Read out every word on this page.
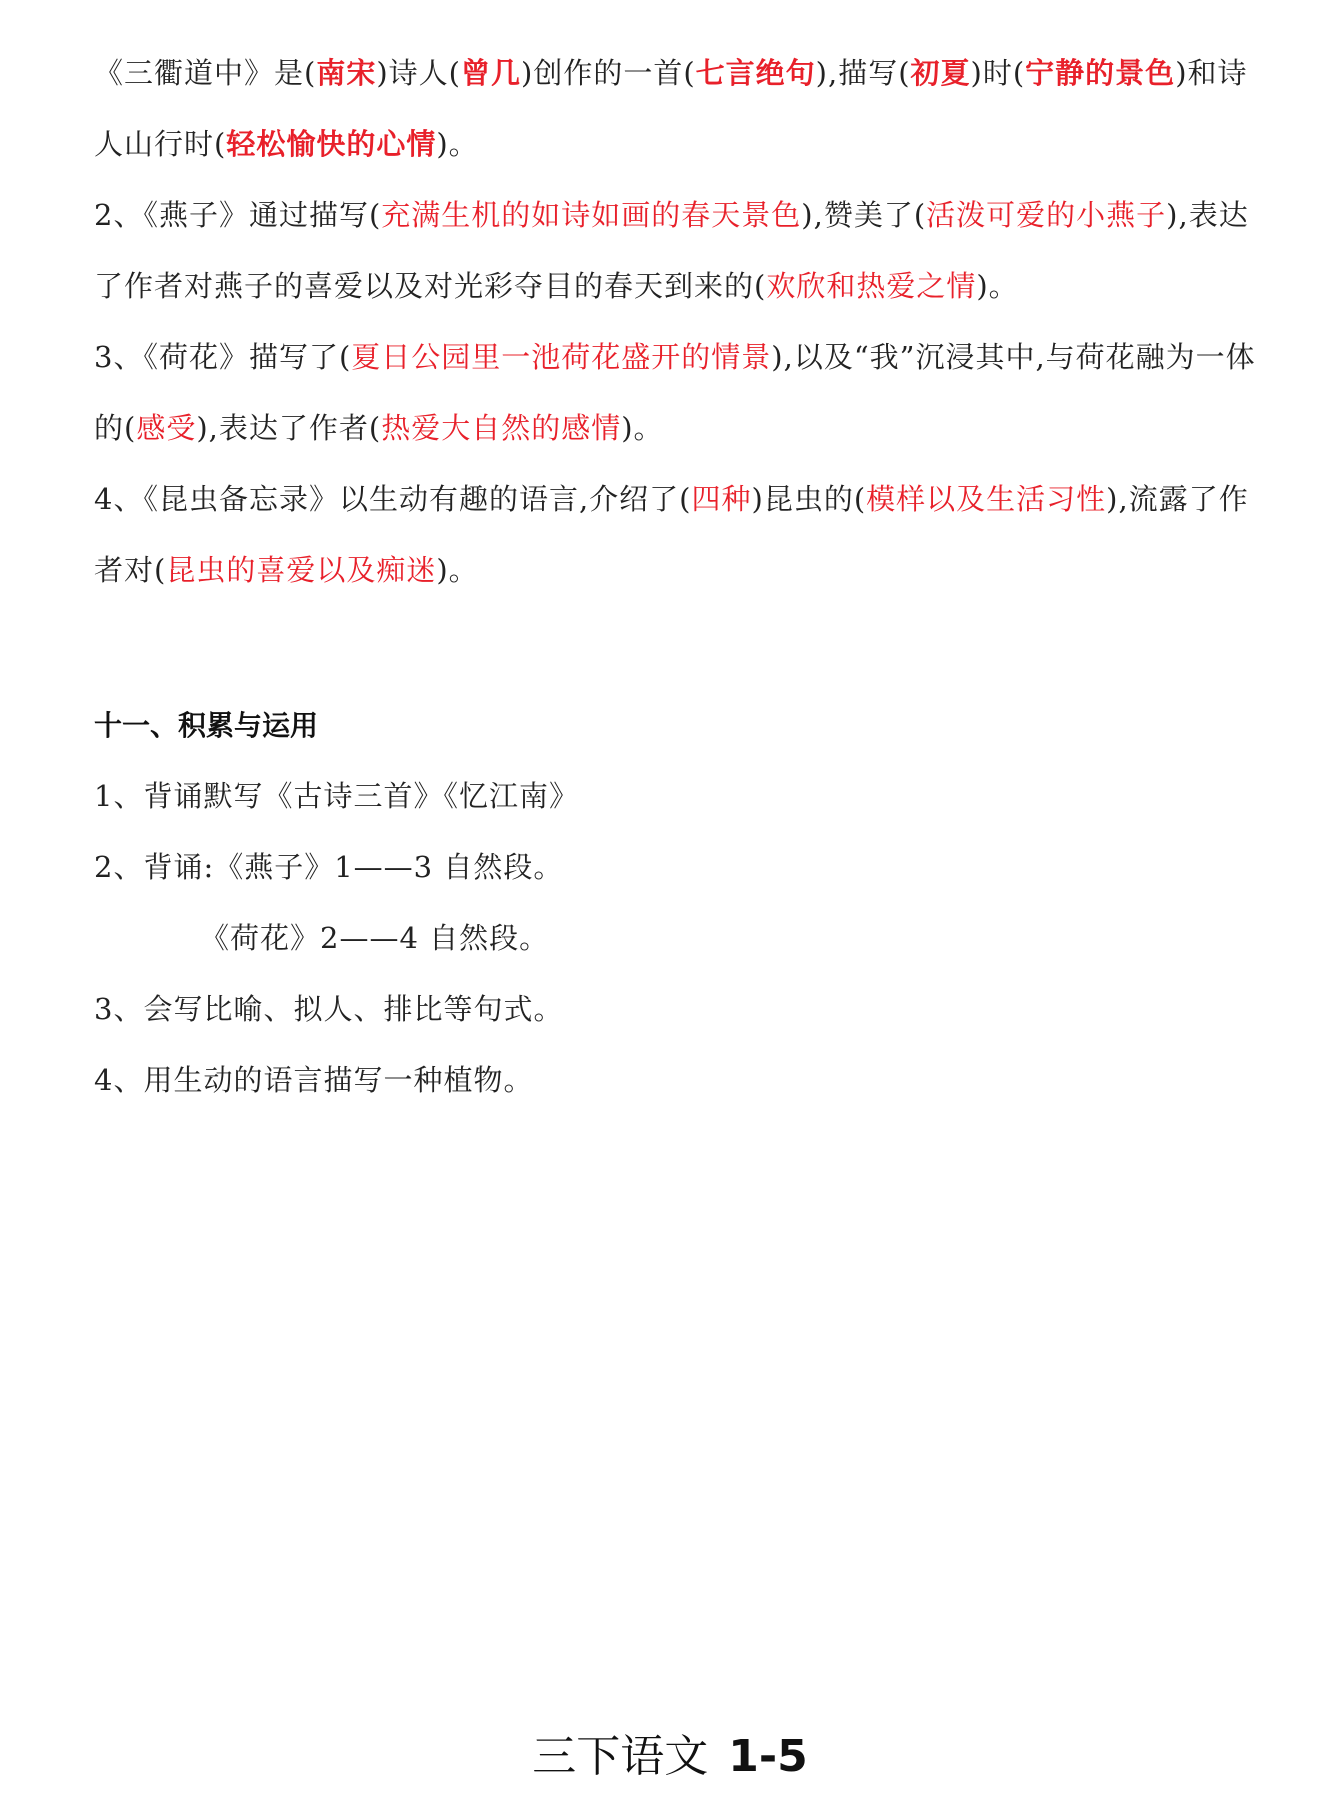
《三衢道中》是(南宋)诗人(曾几)创作的一首(七言绝句),描写(初夏)时(宁静的景色)和诗人山行时(轻松愉快的心情)。

2、《燕子》通过描写(充满生机的如诗如画的春天景色),赞美了(活泼可爱的小燕子),表达了作者对燕子的喜爱以及对光彩夺目的春天到来的(欢欣和热爱之情)。

3、《荷花》描写了(夏日公园里一池荷花盛开的情景),以及“我”沉浸其中,与荷花融为一体的(感受),表达了作者(热爱大自然的感情)。

4、《昆虫备忘录》以生动有趣的语言,介绍了(四种)昆虫的(模样以及生活习性),流露了作者对(昆虫的喜爱以及痴迷)。

十一、积累与运用

1、背诵默写《古诗三首》《忆江南》

2、背诵:《燕子》1——3 自然段。

《荷花》2——4 自然段。

3、会写比喻、拟人、排比等句式。

4、用生动的语言描写一种植物。

三下语文 1-5
